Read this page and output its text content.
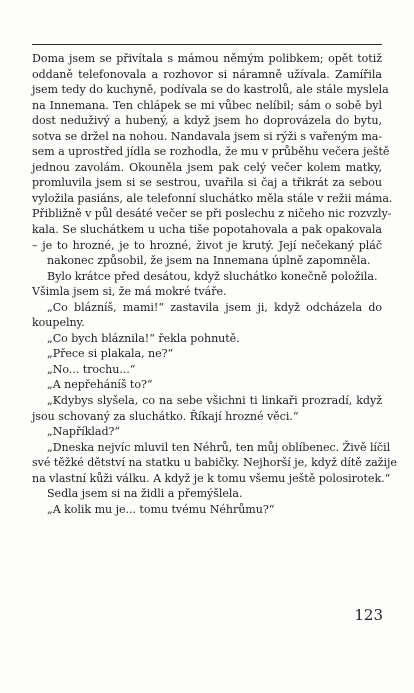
Doma jsem se přivítala s mámou němým polibkem; opět totiž
oddaně telefonovala a rozhovor si náramně užívala. Zamířila
jsem tedy do kuchyně, podívala se do kastrolů, ale stále myslela
na Innemana. Ten chlápek se mi vůbec nelíbil; sám o sobě byl
dost neduživý a hubený, a když jsem ho doprovázela do bytu,
sotva se držel na nohou. Nandavala jsem si rýži s vařeným ma-
sem a uprostřed jídla se rozhodla, že mu v průběhu večera ještě
jednou zavolám. Okouněla jsem pak celý večer kolem matky,
promluvila jsem si se sestrou, uvařila si čaj a třikrát za sebou
vyložila pasiáns, ale telefonní sluchátko měla stále v režii máma.
Přibližně v půl desáté večer se při poslechu z ničeho nic rozvzly-
kala. Se sluchátkem u ucha tiše popotahovala a pak opakovala
– je to hrozné, je to hrozné, život je krutý. Její nečekaný pláč
nakonec způsobil, že jsem na Innemana úplně zapomněla.
Bylo krátce před desátou, když sluchátko konečně položila.
Všimla jsem si, že má mokré tváře.
„Co blázníš, mami!“ zastavila jsem ji, když odcházela do
koupelny.
„Co bych bláznila!“ řekla pohnutě.
„Přece si plakala, ne?“
„No... trochu...“
„A nepřeháníš to?“
„Kdybys slyšela, co na sebe všichni ti linkaři prozradí, když
jsou schovaný za sluchátko. Říkají hrozné věci.“
„Například?“
„Dneska nejvíc mluvil ten Néhrů, ten můj oblíbenec. Živě líčil
své těžké dětství na statku u babičky. Nejhorší je, když dítě zažije
na vlastní kůži válku. A když je k tomu všemu ještě polosirotek.“
Sedla jsem si na židli a přemýšlela.
„A kolik mu je... tomu tvému Néhrůmu?“
123
